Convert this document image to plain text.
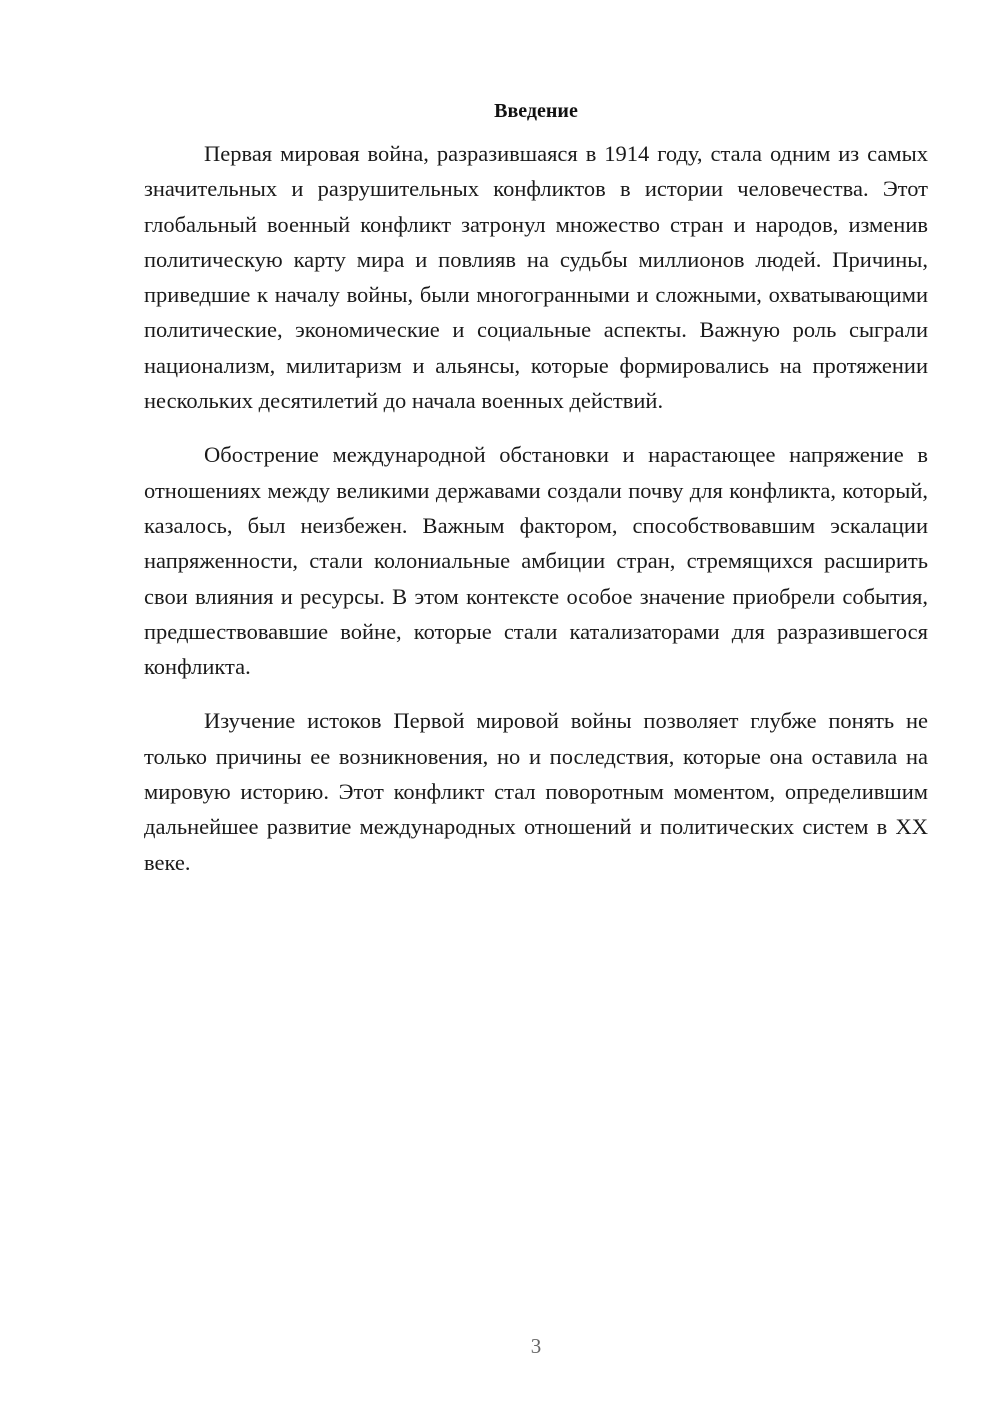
Введение

Первая мировая война, разразившаяся в 1914 году, стала одним из самых значительных и разрушительных конфликтов в истории человечества. Этот глобальный военный конфликт затронул множество стран и народов, изменив политическую карту мира и повлияв на судьбы миллионов людей. Причины, приведшие к началу войны, были многогранными и сложными, охватывающими политические, экономические и социальные аспекты. Важную роль сыграли национализм, милитаризм и альянсы, которые формировались на протяжении нескольких десятилетий до начала военных действий.

Обострение международной обстановки и нарастающее напряжение в отношениях между великими державами создали почву для конфликта, который, казалось, был неизбежен. Важным фактором, способствовавшим эскалации напряженности, стали колониальные амбиции стран, стремящихся расширить свои влияния и ресурсы. В этом контексте особое значение приобрели события, предшествовавшие войне, которые стали катализаторами для разразившегося конфликта.

Изучение истоков Первой мировой войны позволяет глубже понять не только причины ее возникновения, но и последствия, которые она оставила на мировую историю. Этот конфликт стал поворотным моментом, определившим дальнейшее развитие международных отношений и политических систем в XX веке.

3
